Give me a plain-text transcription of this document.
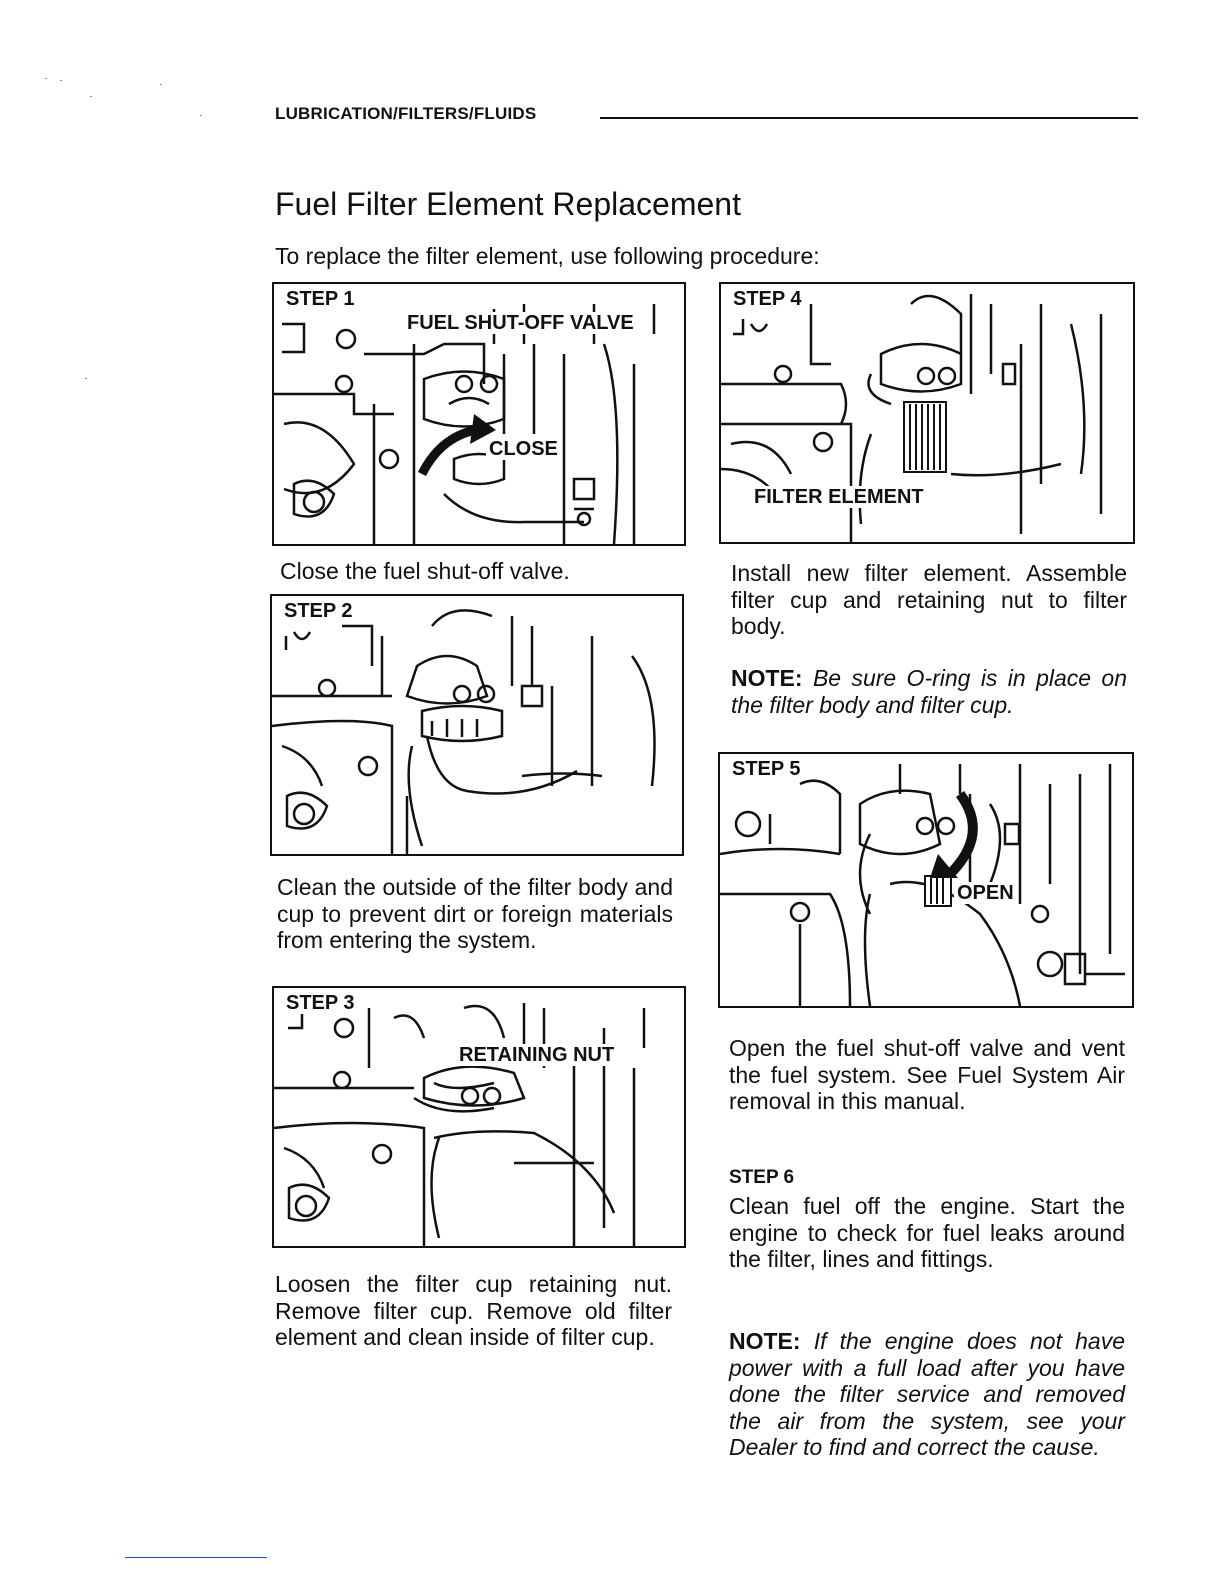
LUBRICATION/FILTERS/FLUIDS
Fuel Filter Element Replacement
To replace the filter element, use following procedure:
STEP 1
FUEL SHUT-OFF VALVE
CLOSE
Close the fuel shut-off valve.
STEP 2
Clean the outside of the filter body and cup to prevent dirt or foreign materials from entering the system.
STEP 3
RETAINING NUT
Loosen the filter cup retaining nut. Remove filter cup. Remove old filter element and clean inside of filter cup.
STEP 4
FILTER ELEMENT
Install new filter element. Assemble filter cup and retaining nut to filter body.
NOTE: Be sure O-ring is in place on the filter body and filter cup.
STEP 5
OPEN
Open the fuel shut-off valve and vent the fuel system. See Fuel System Air removal in this manual.
STEP 6
Clean fuel off the engine. Start the engine to check for fuel leaks around the filter, lines and fittings.
NOTE: If the engine does not have power with a full load after you have done the filter service and removed the air from the system, see your Dealer to find and correct the cause.
